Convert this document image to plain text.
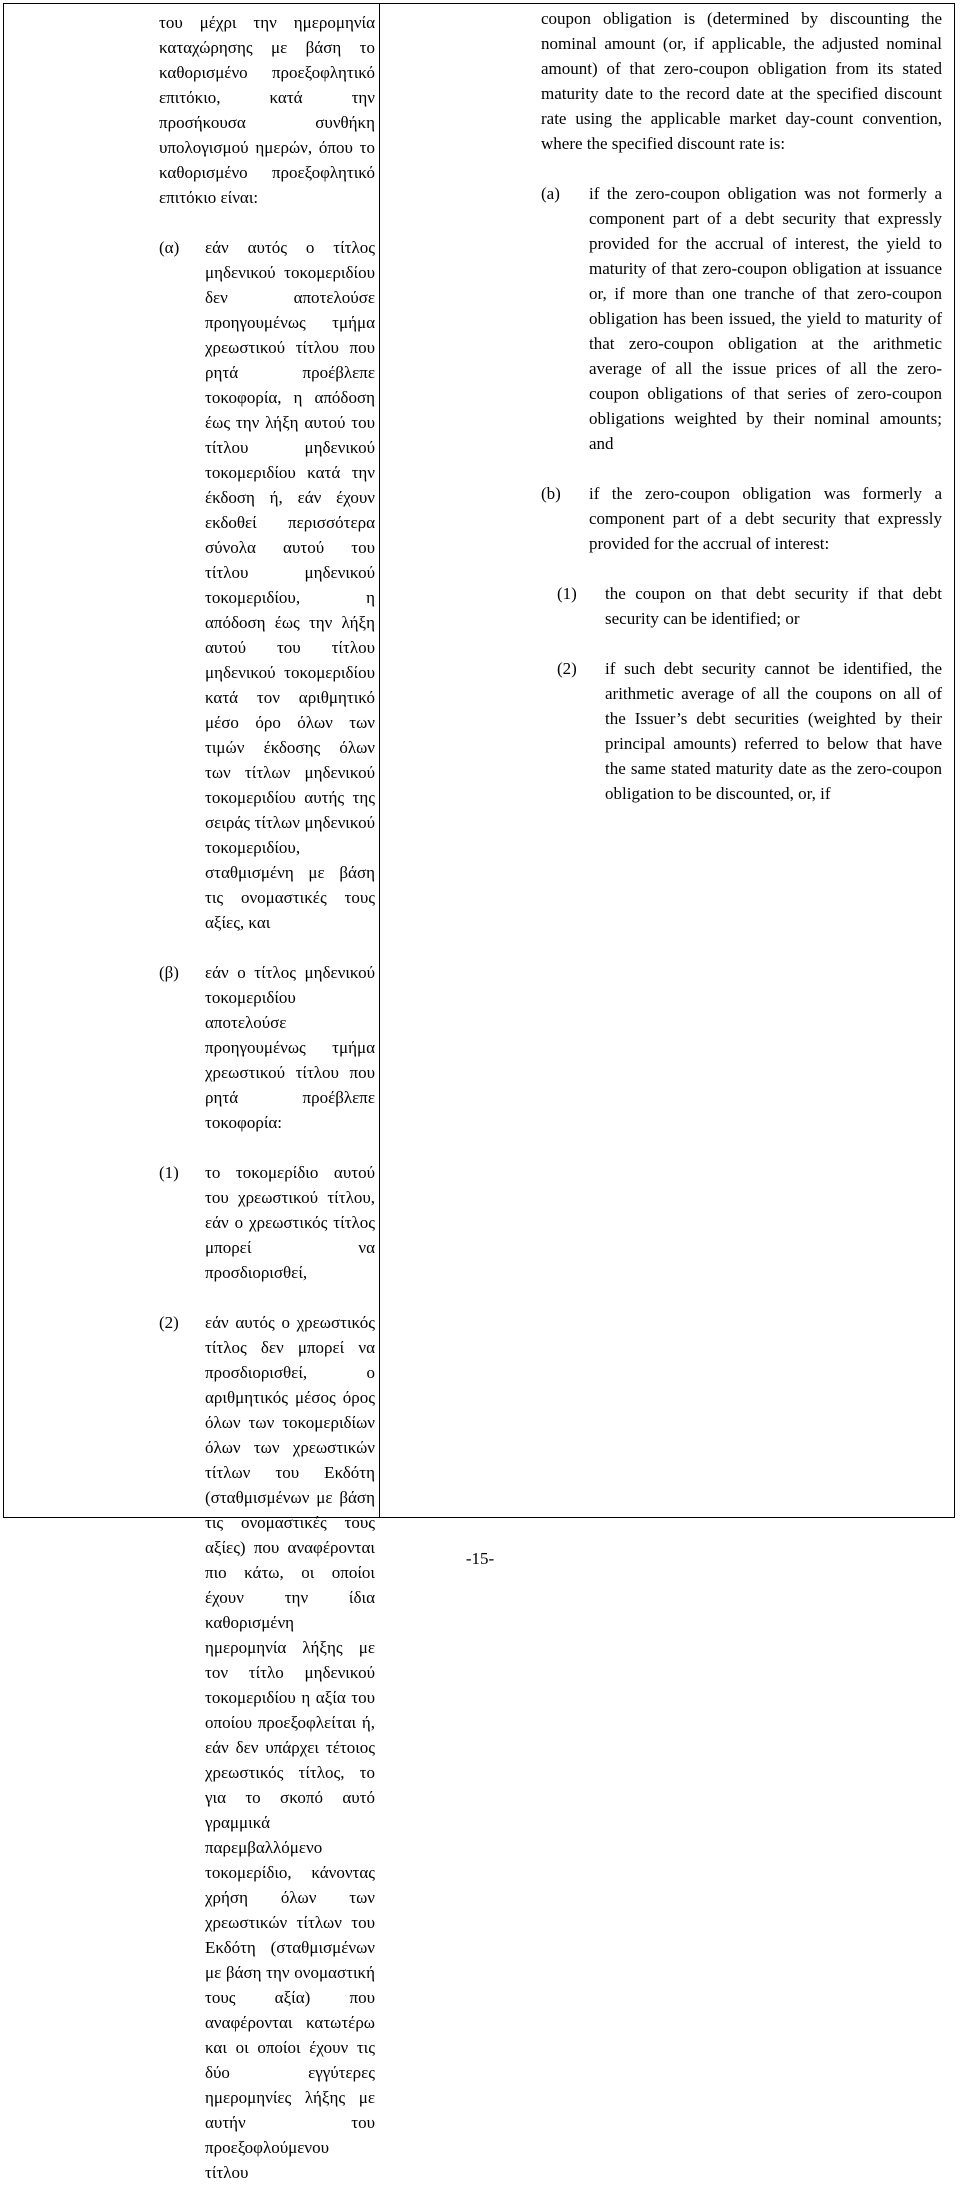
του μέχρι την ημερομηνία καταχώρησης με βάση το καθορισμένο προεξοφλητικό επιτόκιο, κατά την προσήκουσα συνθήκη υπολογισμού ημερών, όπου το καθορισμένο προεξοφλητικό επιτόκιο είναι:

(α)	εάν αυτός ο τίτλος μηδενικού τοκομεριδίου δεν αποτελούσε προηγουμένως τμήμα χρεωστικού τίτλου που ρητά προέβλεπε τοκοφορία, η απόδοση έως την λήξη αυτού του τίτλου μηδενικού τοκομεριδίου κατά την έκδοση ή, εάν έχουν εκδοθεί περισσότερα σύνολα αυτού του τίτλου μηδενικού τοκομεριδίου, η απόδοση έως την λήξη αυτού του τίτλου μηδενικού τοκομεριδίου κατά τον αριθμητικό μέσο όρο όλων των τιμών έκδοσης όλων των τίτλων μηδενικού τοκομεριδίου αυτής της σειράς τίτλων μηδενικού τοκομεριδίου, σταθμισμένη με βάση τις ονομαστικές τους αξίες, και
(β)	εάν ο τίτλος μηδενικού τοκομεριδίου αποτελούσε προηγουμένως τμήμα χρεωστικού τίτλου που ρητά προέβλεπε τοκοφορία:
(1)	το τοκομερίδιο αυτού του χρεωστικού τίτλου, εάν ο χρεωστικός τίτλος μπορεί να προσδιορισθεί,
(2)	εάν αυτός ο χρεωστικός τίτλος δεν μπορεί να προσδιορισθεί, ο αριθμητικός μέσος όρος όλων των τοκομεριδίων όλων των χρεωστικών τίτλων του Εκδότη (σταθμισμένων με βάση τις ονομαστικές τους αξίες) που αναφέρονται πιο κάτω, οι οποίοι έχουν την ίδια καθορισμένη ημερομηνία λήξης με τον τίτλο μηδενικού τοκομεριδίου η αξία του οποίου προεξοφλείται ή, εάν δεν υπάρχει τέτοιος χρεωστικός τίτλος, το για το σκοπό αυτό γραμμικά παρεμβαλλόμενο τοκομερίδιο, κάνοντας χρήση όλων των χρεωστικών τίτλων του Εκδότη (σταθμισμένων με βάση την ονομαστική τους αξία) που αναφέρονται κατωτέρω και οι οποίοι έχουν τις δύο εγγύτερες ημερομηνίες λήξης με αυτήν του προεξοφλούμενου τίτλου

coupon obligation is (determined by discounting the nominal amount (or, if applicable, the adjusted nominal amount) of that zero-coupon obligation from its stated maturity date to the record date at the specified discount rate using the applicable market day-count convention, where the specified discount rate is:

(a)	if the zero-coupon obligation was not formerly a component part of a debt security that expressly provided for the accrual of interest, the yield to maturity of that zero-coupon obligation at issuance or, if more than one tranche of that zero-coupon obligation has been issued, the yield to maturity of that zero-coupon obligation at the arithmetic average of all the issue prices of all the zero-coupon obligations of that series of zero-coupon obligations weighted by their nominal amounts; and
(b)	if the zero-coupon obligation was formerly a component part of a debt security that expressly provided for the accrual of interest:
(1)	the coupon on that debt security if that debt security can be identified; or
(2)	if such debt security cannot be identified, the arithmetic average of all the coupons on all of the Issuer’s debt securities (weighted by their principal amounts) referred to below that have the same stated maturity date as the zero-coupon obligation to be discounted, or, if
-15-
